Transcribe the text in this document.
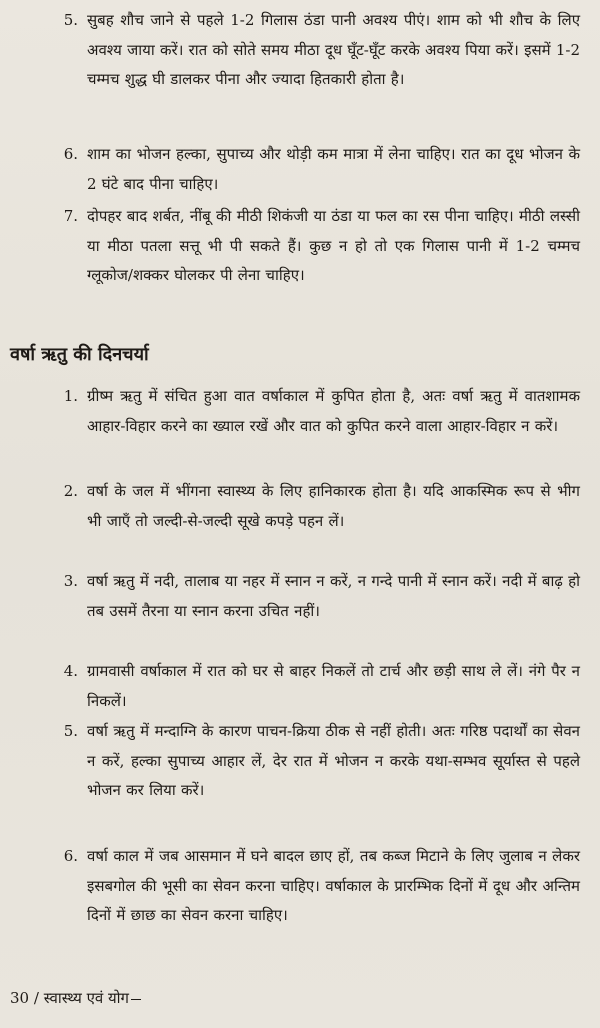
5. सुबह शौच जाने से पहले 1-2 गिलास ठंडा पानी अवश्य पीएं। शाम को भी शौच के लिए अवश्य जाया करें। रात को सोते समय मीठा दूध घूँट-घूँट करके अवश्य पिया करें। इसमें 1-2 चम्मच शुद्ध घी डालकर पीना और ज्यादा हितकारी होता है।
6. शाम का भोजन हल्का, सुपाच्य और थोड़ी कम मात्रा में लेना चाहिए। रात का दूध भोजन के 2 घंटे बाद पीना चाहिए।
7. दोपहर बाद शर्बत, नींबू की मीठी शिकंजी या ठंडा या फल का रस पीना चाहिए। मीठी लस्सी या मीठा पतला सत्तू भी पी सकते हैं। कुछ न हो तो एक गिलास पानी में 1-2 चम्मच ग्लूकोज/शक्कर घोलकर पी लेना चाहिए।
वर्षा ऋतु की दिनचर्या
1. ग्रीष्म ऋतु में संचित हुआ वात वर्षाकाल में कुपित होता है, अतः वर्षा ऋतु में वातशामक आहार-विहार करने का ख्याल रखें और वात को कुपित करने वाला आहार-विहार न करें।
2. वर्षा के जल में भींगना स्वास्थ्य के लिए हानिकारक होता है। यदि आकस्मिक रूप से भीग भी जाएँ तो जल्दी-से-जल्दी सूखे कपड़े पहन लें।
3. वर्षा ऋतु में नदी, तालाब या नहर में स्नान न करें, न गन्दे पानी में स्नान करें। नदी में बाढ़ हो तब उसमें तैरना या स्नान करना उचित नहीं।
4. ग्रामवासी वर्षाकाल में रात को घर से बाहर निकलें तो टार्च और छड़ी साथ ले लें। नंगे पैर न निकलें।
5. वर्षा ऋतु में मन्दाग्नि के कारण पाचन-क्रिया ठीक से नहीं होती। अतः गरिष्ठ पदार्थों का सेवन न करें, हल्का सुपाच्य आहार लें, देर रात में भोजन न करके यथा-सम्भव सूर्यास्त से पहले भोजन कर लिया करें।
6. वर्षा काल में जब आसमान में घने बादल छाए हों, तब कब्ज मिटाने के लिए जुलाब न लेकर इसबगोल की भूसी का सेवन करना चाहिए। वर्षाकाल के प्रारम्भिक दिनों में दूध और अन्तिम दिनों में छाछ का सेवन करना चाहिए।
30 / स्वास्थ्य एवं योग
